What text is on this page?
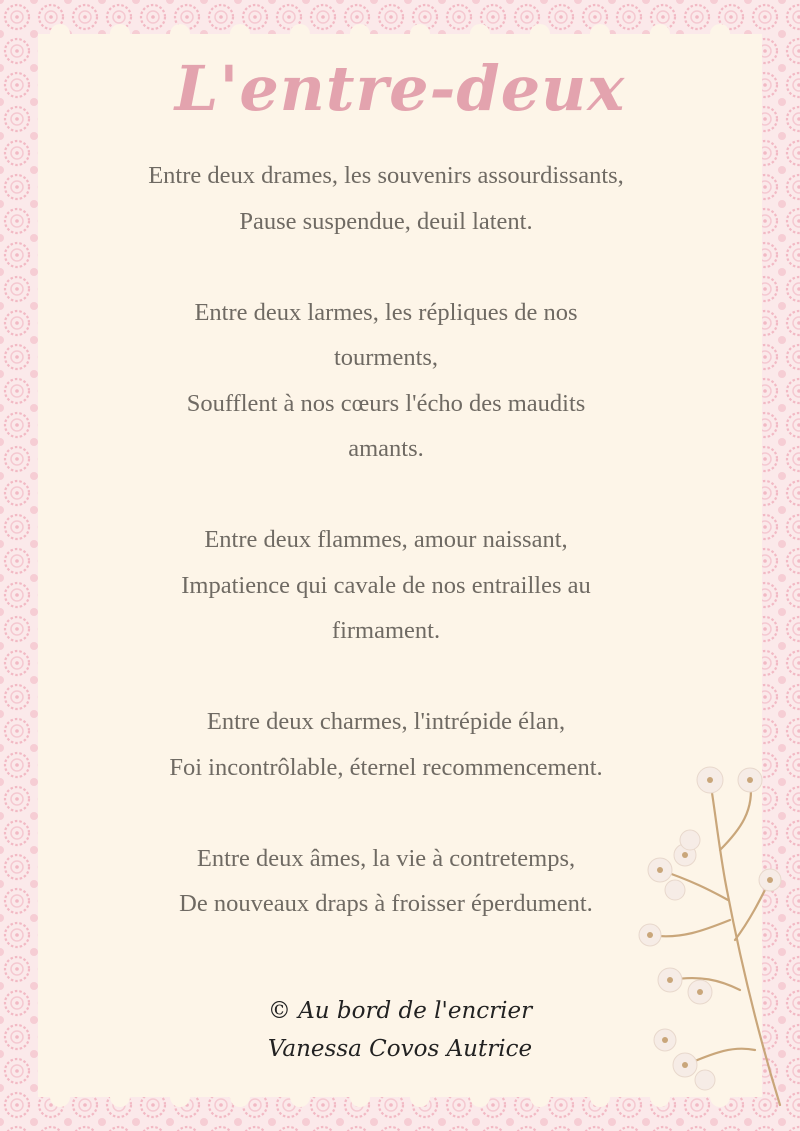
L'entre-deux

Entre deux drames, les souvenirs assourdissants,
Pause suspendue, deuil latent.

Entre deux larmes, les répliques de nos
tourments,
Soufflent à nos cœurs l'écho des maudits
amants.

Entre deux flammes, amour naissant,
Impatience qui cavale de nos entrailles au
firmament.

Entre deux charmes, l'intrépide élan,
Foi incontrôlable, éternel recommencement.

Entre deux âmes, la vie à contretemps,
De nouveaux draps à froisser éperdument.

© Au bord de l'encrier
Vanessa Covos Autrice
